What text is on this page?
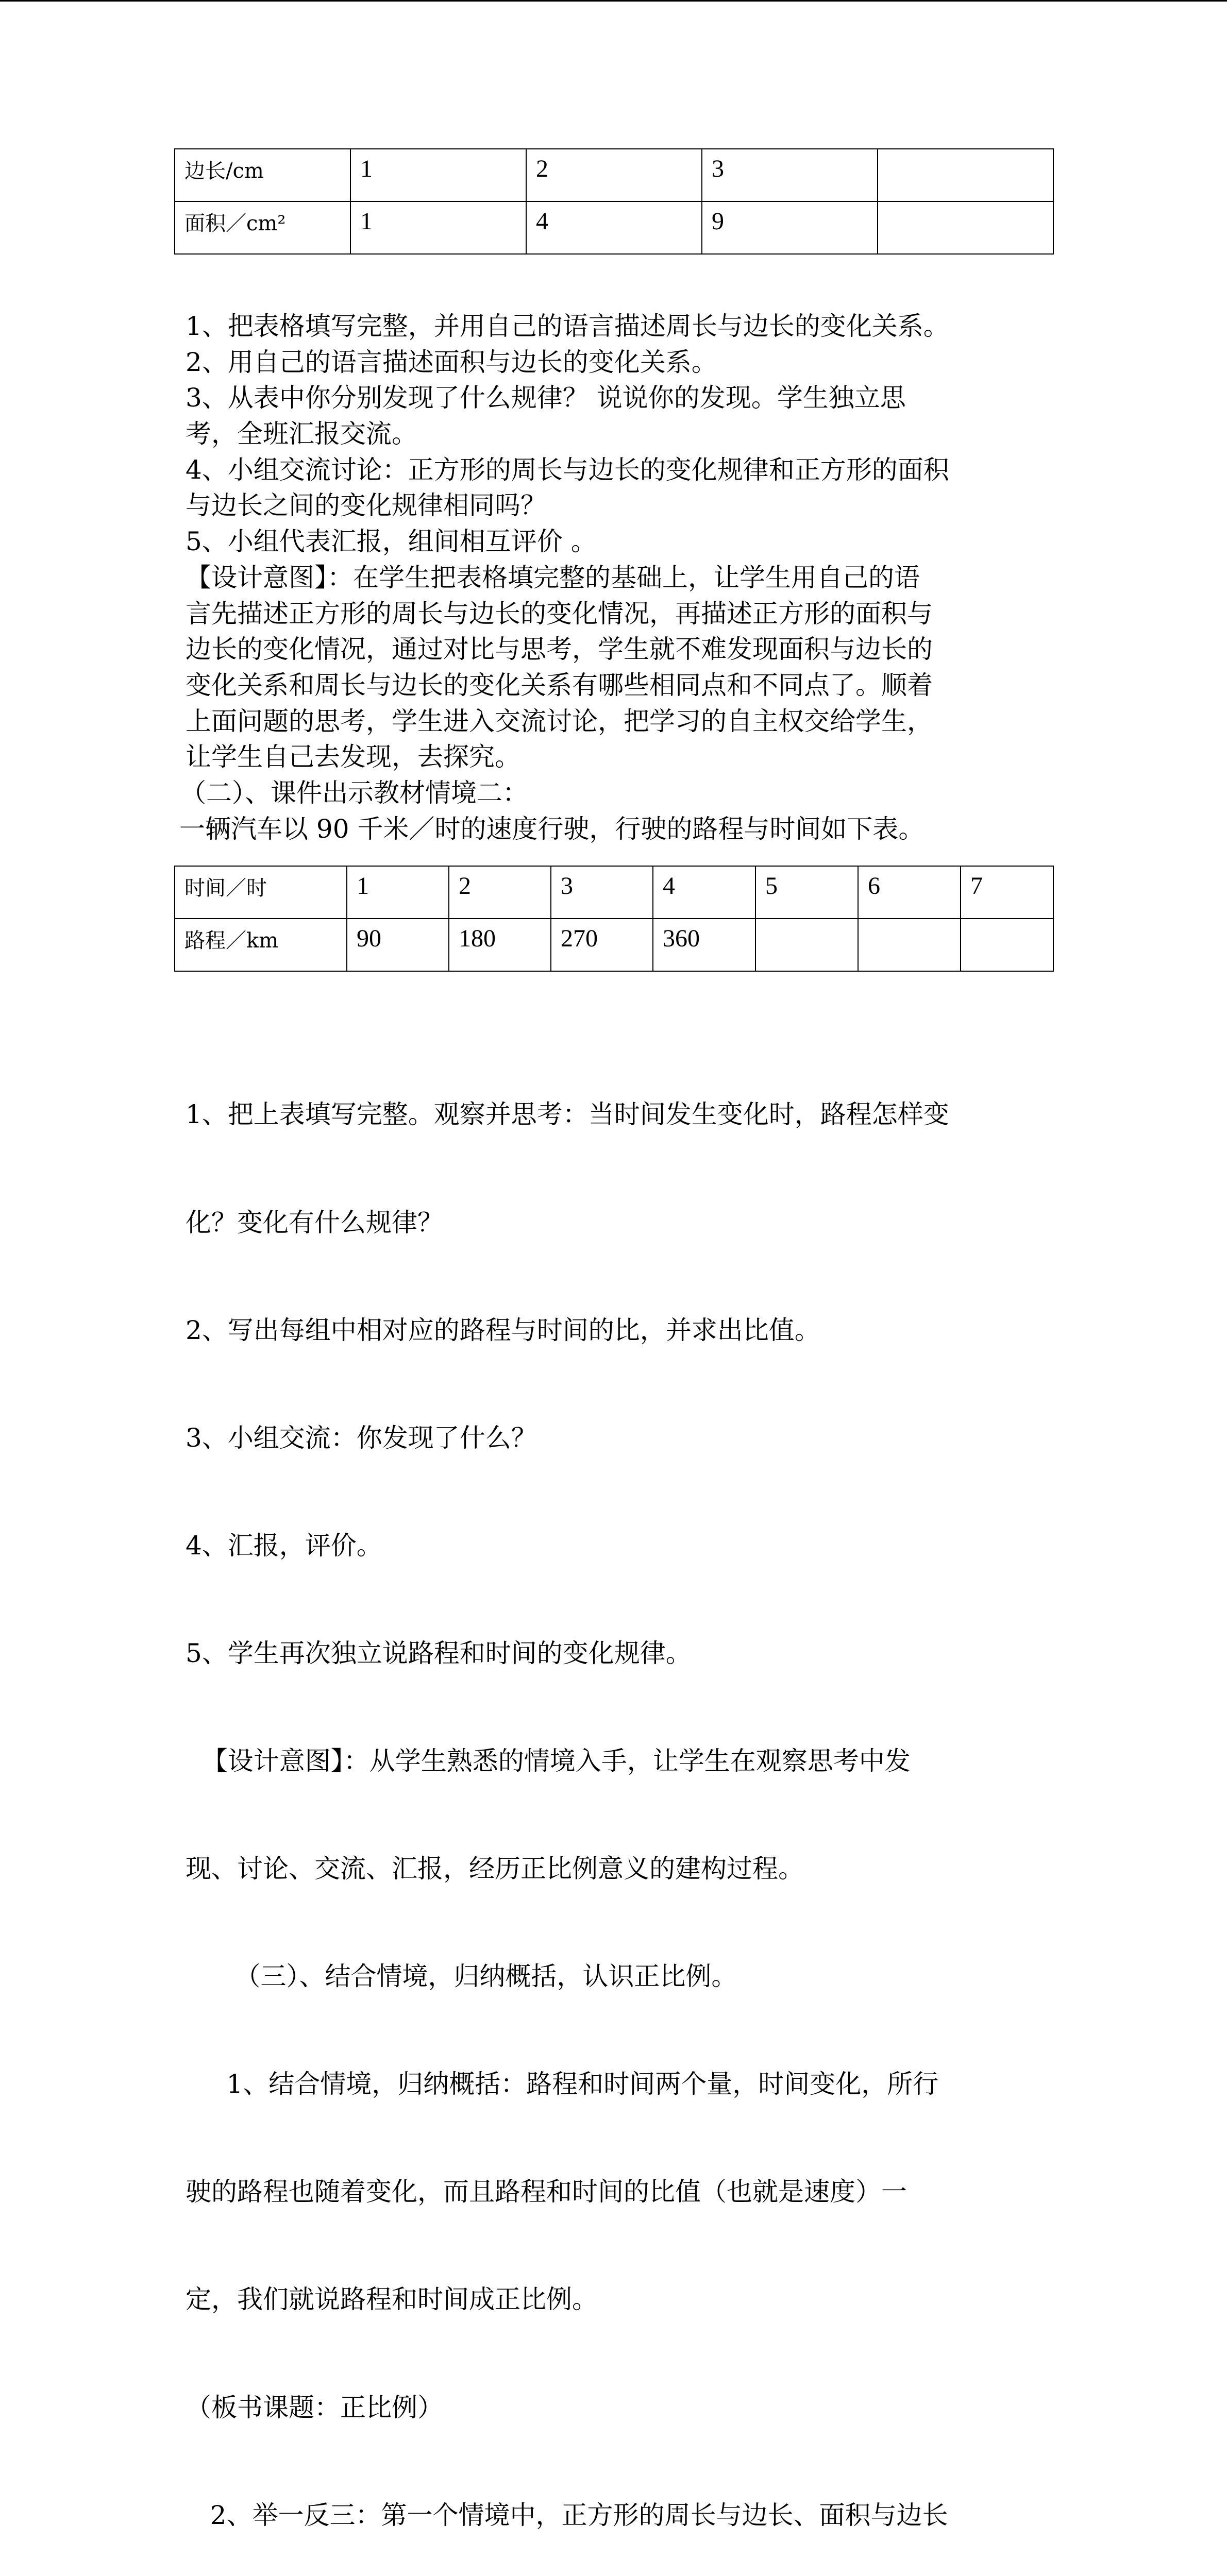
边长/cm	1	2	3	
面积／cm²	1	4	9	
1、把表格填写完整，并用自己的语言描述周长与边长的变化关系。
2、用自己的语言描述面积与边长的变化关系。
3、从表中你分别发现了什么规律？ 说说你的发现。学生独立思
考，全班汇报交流。
4、小组交流讨论：正方形的周长与边长的变化规律和正方形的面积
与边长之间的变化规律相同吗？
5、小组代表汇报，组间相互评价 。
【设计意图】：在学生把表格填完整的基础上，让学生用自己的语
言先描述正方形的周长与边长的变化情况，再描述正方形的面积与
边长的变化情况，通过对比与思考，学生就不难发现面积与边长的
变化关系和周长与边长的变化关系有哪些相同点和不同点了。顺着
上面问题的思考，学生进入交流讨论，把学习的自主权交给学生，
让学生自己去发现，去探究。
（二）、课件出示教材情境二：
一辆汽车以 90 千米／时的速度行驶，行驶的路程与时间如下表。
时间／时	1	2	3	4	5	6	7
路程／km	90	180	270	360			

1、把上表填写完整。观察并思考：当时间发生变化时，路程怎样变

化？变化有什么规律？

2、写出每组中相对应的路程与时间的比，并求出比值。

3、小组交流：你发现了什么？

4、汇报，评价。

5、学生再次独立说路程和时间的变化规律。

【设计意图】：从学生熟悉的情境入手，让学生在观察思考中发

现、讨论、交流、汇报，经历正比例意义的建构过程。

（三）、结合情境，归纳概括，认识正比例。

1、结合情境，归纳概括：路程和时间两个量，时间变化，所行

驶的路程也随着变化，而且路程和时间的比值（也就是速度）一

定，我们就说路程和时间成正比例。

（板书课题：正比例）

2、举一反三：第一个情境中，正方形的周长与边长、面积与边长
